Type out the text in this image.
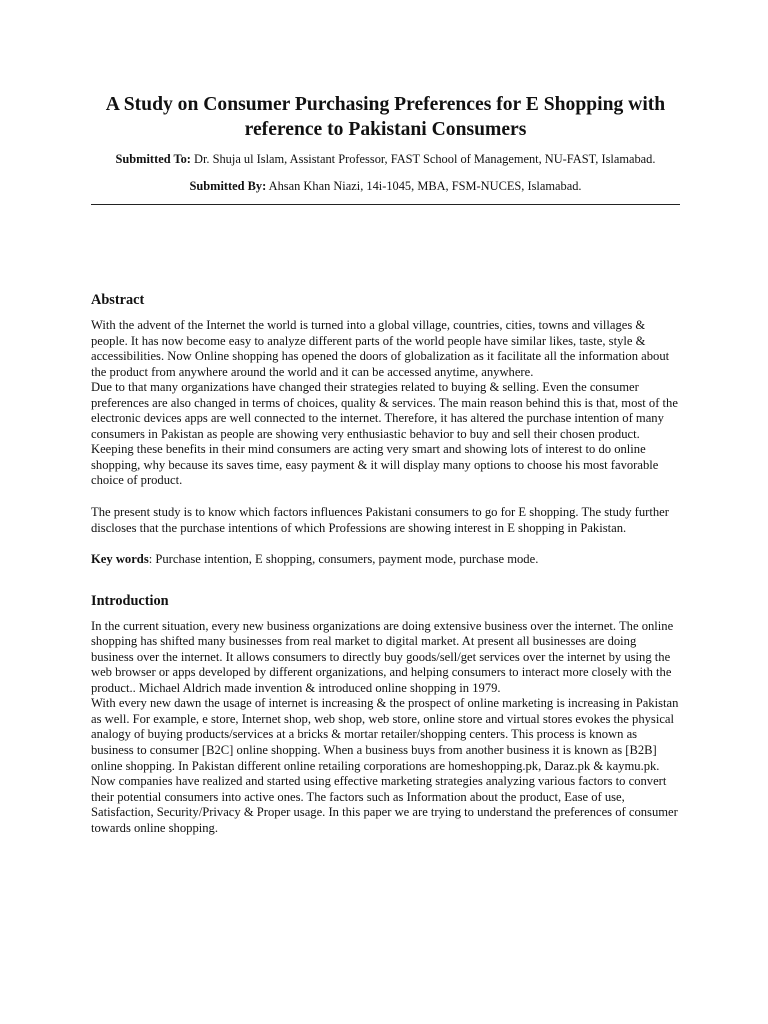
A Study on Consumer Purchasing Preferences for E Shopping with
reference to Pakistani Consumers

Submitted To: Dr. Shuja ul Islam, Assistant Professor, FAST School of Management, NU-FAST, Islamabad.

Submitted By: Ahsan Khan Niazi, 14i-1045, MBA, FSM-NUCES, Islamabad.

Abstract

With the advent of the Internet the world is turned into a global village, countries, cities, towns and villages &
people. It has now become easy to analyze different parts of the world people have similar likes, taste, style &
accessibilities. Now Online shopping has opened the doors of globalization as it facilitate all the information about
the product from anywhere around the world and it can be accessed anytime, anywhere.
Due to that many organizations have changed their strategies related to buying & selling. Even the consumer
preferences are also changed in terms of choices, quality & services. The main reason behind this is that, most of the
electronic devices apps are well connected to the internet. Therefore, it has altered the purchase intention of many
consumers in Pakistan as people are showing very enthusiastic behavior to buy and sell their chosen product.
Keeping these benefits in their mind consumers are acting very smart and showing lots of interest to do online
shopping, why because its saves time, easy payment & it will display many options to choose his most favorable
choice of product.

The present study is to know which factors influences Pakistani consumers to go for E shopping. The study further
discloses that the purchase intentions of which Professions are showing interest in E shopping in Pakistan.

Key words: Purchase intention, E shopping, consumers, payment mode, purchase mode.

Introduction

In the current situation, every new business organizations are doing extensive business over the internet. The online
shopping has shifted many businesses from real market to digital market. At present all businesses are doing
business over the internet. It allows consumers to directly buy goods/sell/get services over the internet by using the
web browser or apps developed by different organizations, and helping consumers to interact more closely with the
product.. Michael Aldrich made invention & introduced online shopping in 1979.
With every new dawn the usage of internet is increasing & the prospect of online marketing is increasing in Pakistan
as well. For example, e store, Internet shop, web shop, web store, online store and virtual stores evokes the physical
analogy of buying products/services at a bricks & mortar retailer/shopping centers. This process is known as
business to consumer [B2C] online shopping. When a business buys from another business it is known as [B2B]
online shopping. In Pakistan different online retailing corporations are homeshopping.pk, Daraz.pk & kaymu.pk.
Now companies have realized and started using effective marketing strategies analyzing various factors to convert
their potential consumers into active ones. The factors such as Information about the product, Ease of use,
Satisfaction, Security/Privacy & Proper usage. In this paper we are trying to understand the preferences of consumer
towards online shopping.
